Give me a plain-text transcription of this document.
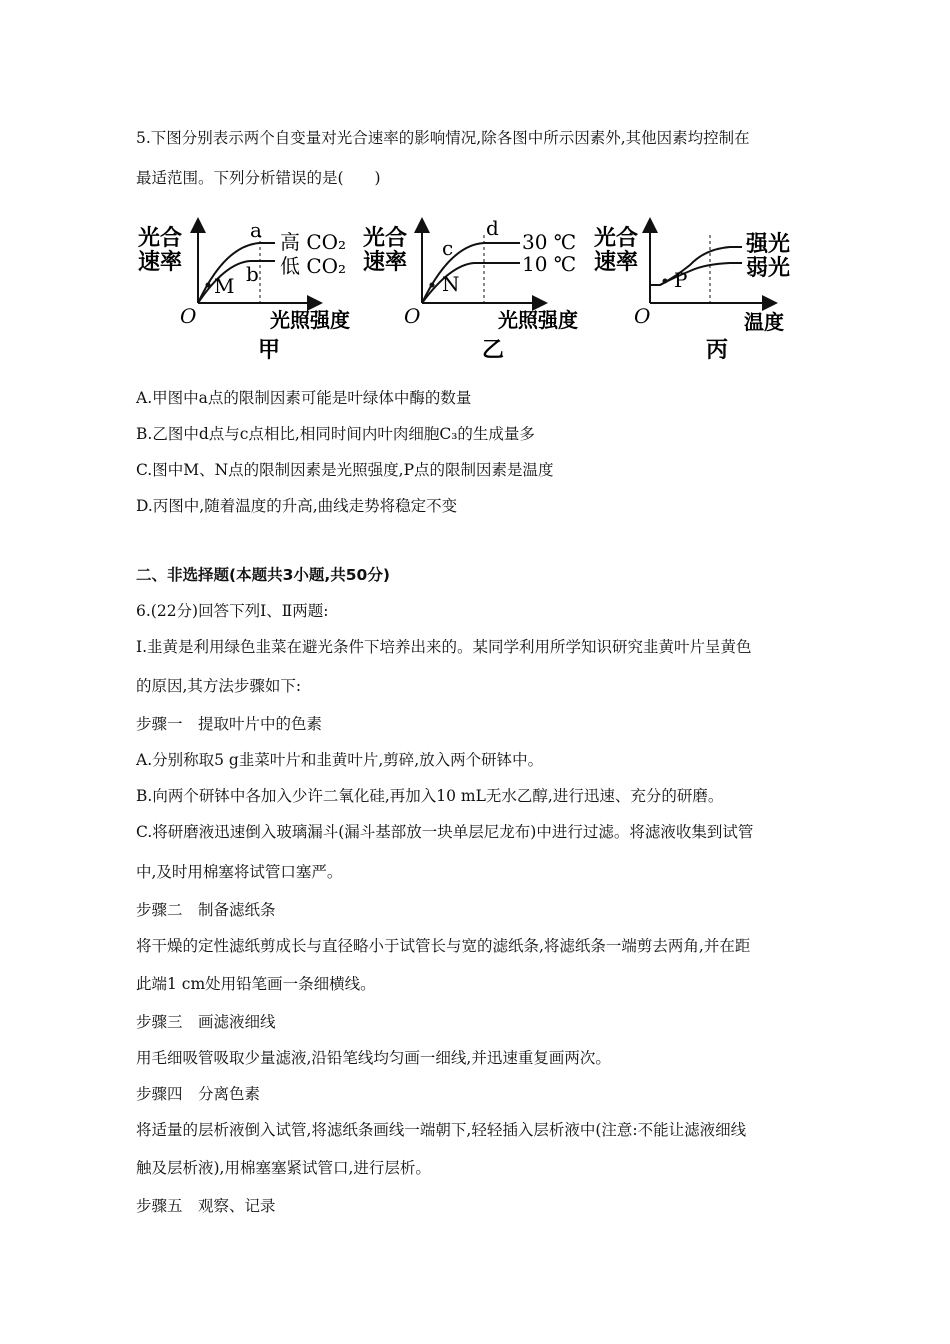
5.下图分别表示两个自变量对光合速率的影响情况,除各图中所示因素外,其他因素均控制在
最适范围。下列分析错误的是(　　)
光合
速率
a
b
M
高 CO₂
低 CO₂
O	光照强度
甲
光合
速率
c
d
N
30 ℃
10 ℃
O	光照强度
乙
光合
速率
P
强光
弱光
O	温度
丙
A.甲图中a点的限制因素可能是叶绿体中酶的数量
B.乙图中d点与c点相比,相同时间内叶肉细胞C₃的生成量多
C.图中M、N点的限制因素是光照强度,P点的限制因素是温度
D.丙图中,随着温度的升高,曲线走势将稳定不变
二、非选择题(本题共3小题,共50分)
6.(22分)回答下列Ⅰ、Ⅱ两题:
Ⅰ.韭黄是利用绿色韭菜在避光条件下培养出来的。某同学利用所学知识研究韭黄叶片呈黄色
的原因,其方法步骤如下:
步骤一　提取叶片中的色素
A.分别称取5 g韭菜叶片和韭黄叶片,剪碎,放入两个研钵中。
B.向两个研钵中各加入少许二氧化硅,再加入10 mL无水乙醇,进行迅速、充分的研磨。
C.将研磨液迅速倒入玻璃漏斗(漏斗基部放一块单层尼龙布)中进行过滤。将滤液收集到试管
中,及时用棉塞将试管口塞严。
步骤二　制备滤纸条
将干燥的定性滤纸剪成长与直径略小于试管长与宽的滤纸条,将滤纸条一端剪去两角,并在距
此端1 cm处用铅笔画一条细横线。
步骤三　画滤液细线
用毛细吸管吸取少量滤液,沿铅笔线均匀画一细线,并迅速重复画两次。
步骤四　分离色素
将适量的层析液倒入试管,将滤纸条画线一端朝下,轻轻插入层析液中(注意:不能让滤液细线
触及层析液),用棉塞塞紧试管口,进行层析。
步骤五　观察、记录
